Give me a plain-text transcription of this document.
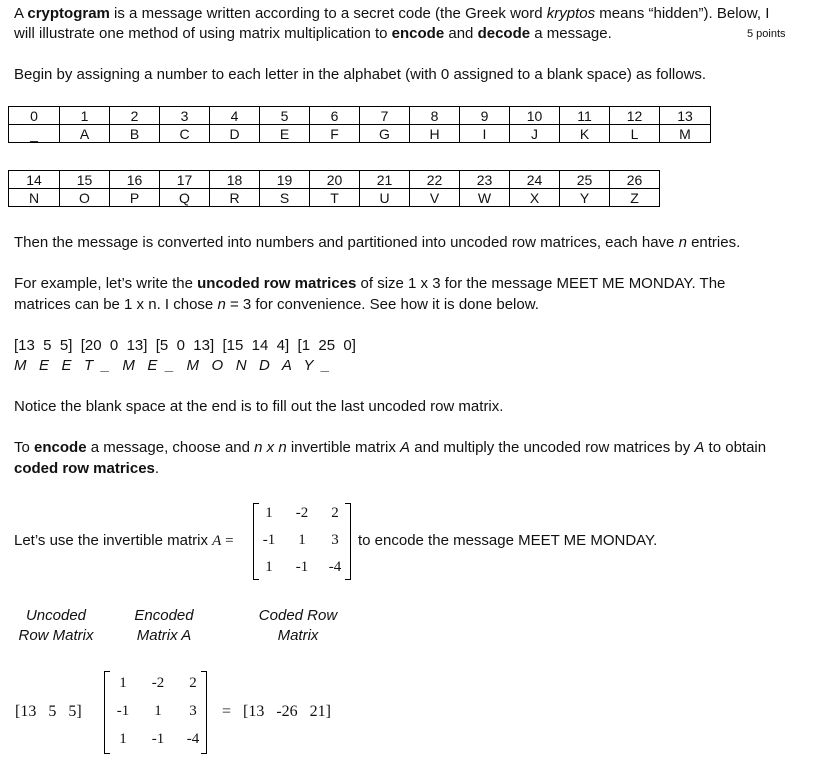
A cryptogram is a message written according to a secret code (the Greek word kryptos means “hidden”). Below, I
will illustrate one method of using matrix multiplication to encode and decode a message.	5 points
Begin by assigning a number to each letter in the alphabet (with 0 assigned to a blank space) as follows.
0	1	2	3	4	5	6	7	8	9	10	11	12	13
_	A	B	C	D	E	F	G	H	I	J	K	L	M
14	15	16	17	18	19	20	21	22	23	24	25	26
N	O	P	Q	R	S	T	U	V	W	X	Y	Z
Then the message is converted into numbers and partitioned into uncoded row matrices, each have n entries.
For example, let’s write the uncoded row matrices of size 1 x 3 for the message MEET ME MONDAY. The
matrices can be 1 x n. I chose n = 3 for convenience. See how it is done below.
[13  5  5]  [20  0  13]  [5  0  13]  [15  14  4]  [1  25  0]
M   E   E   T  _   M   E  _   M   O   N   D   A   Y  _
Notice the blank space at the end is to fill out the last uncoded row matrix.
To encode a message, choose and n x n invertible matrix A and multiply the uncoded row matrices by A to obtain
coded row matrices.
Let’s use the invertible matrix A =
1	-2	2
-1	1	3
1	-1	-4
to encode the message MEET ME MONDAY.
Uncoded
Row Matrix
Encoded
Matrix A
Coded Row
Matrix
[13   5   5]
1	-2	2
-1	1	3
1	-1	-4
= [13   -26   21]
